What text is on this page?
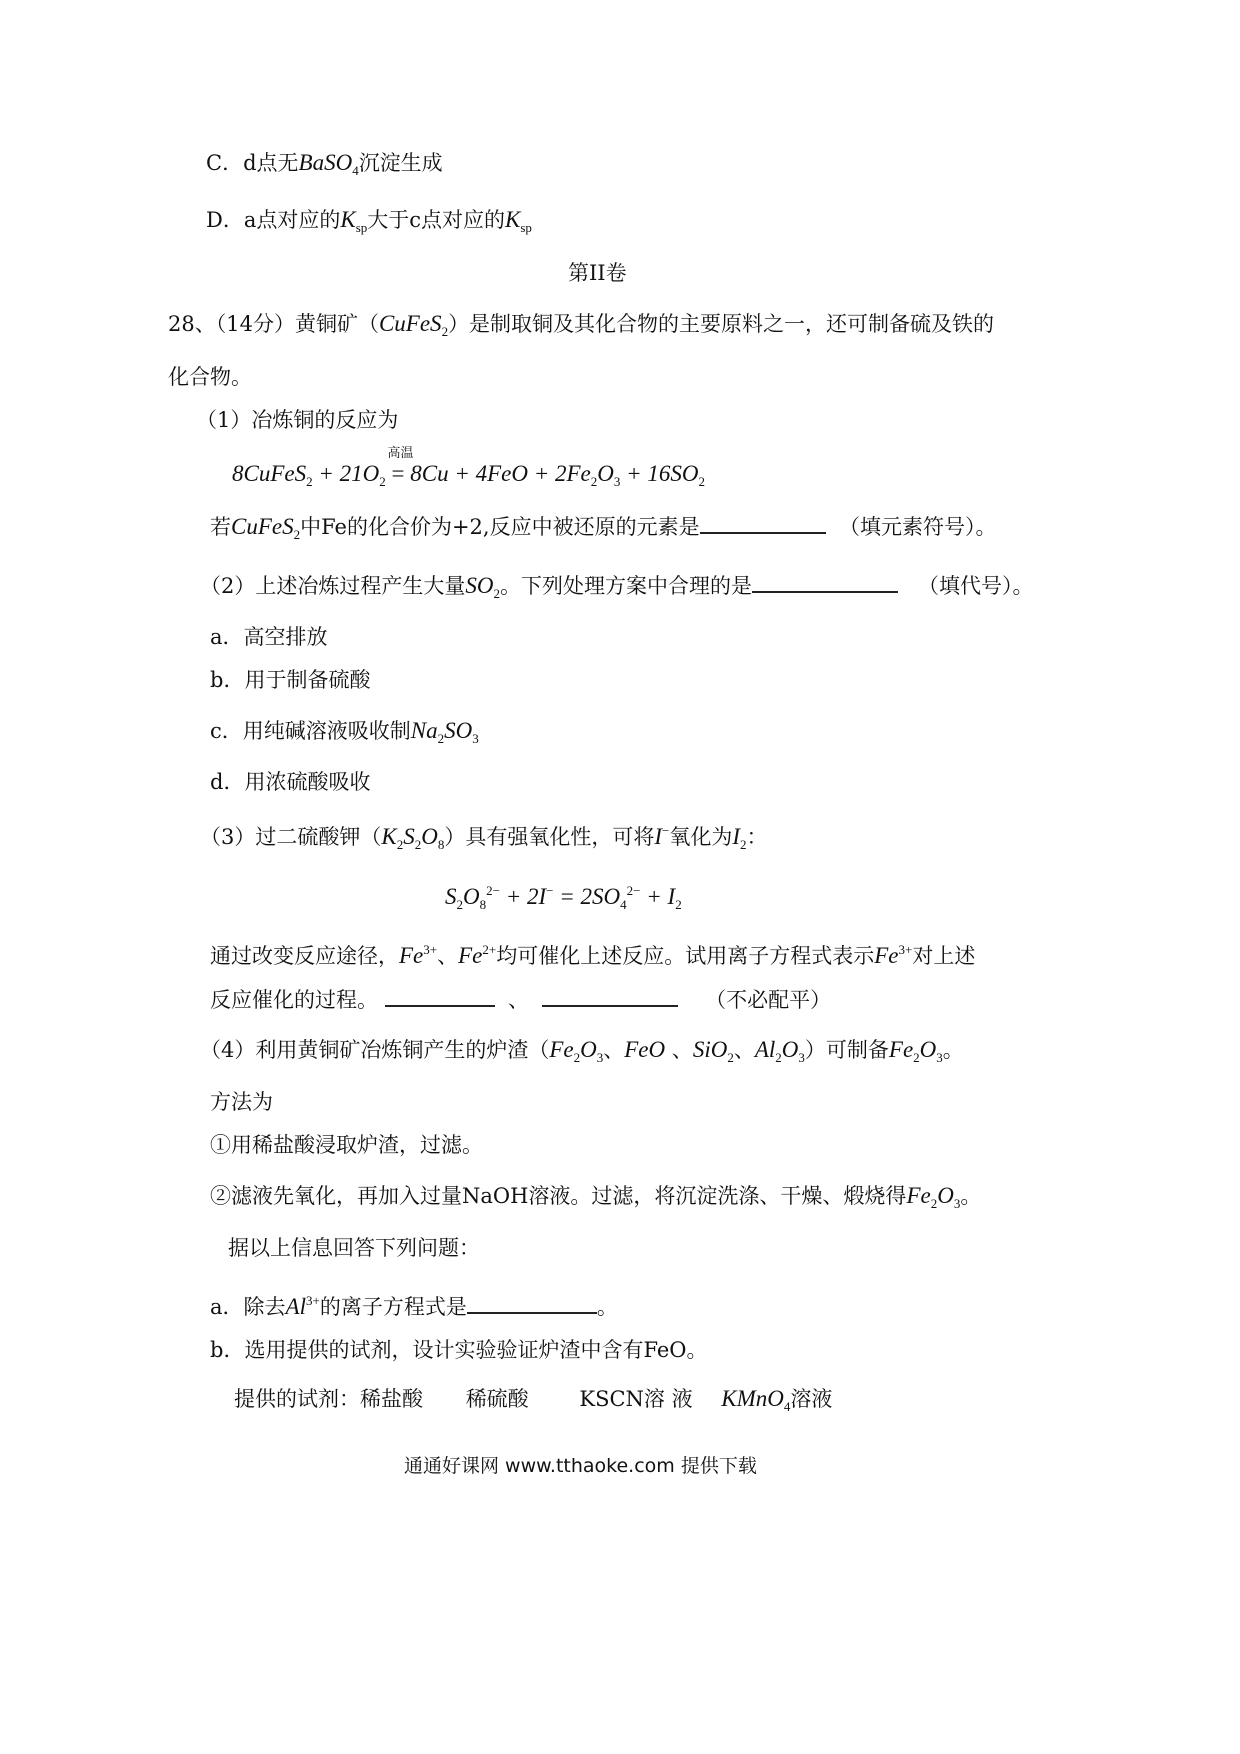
C．d点无BaSO$_4$沉淀生成
D．a点对应的$K_{sp}$大于c点对应的$K_{sp}$
第II卷
28、（14分）黄铜矿（CuFeS$_2$）是制取铜及其化合物的主要原料之一，还可制备硫及铁的
化合物。
（1）冶炼铜的反应为
8CuFeS$_2$ + $21O_2$
高温
= $8Cu + 4FeO + 2Fe_2O_3 + 16SO_2$
若CuFeS$_2$中Fe的化合价为+2,反应中被还原的元素是	（填元素符号）。
（2）上述冶炼过程产生大量$SO_2$。下列处理方案中合理的是	（填代号）。
a．高空排放
b．用于制备硫酸
c．用纯碱溶液吸收制$Na_2SO_3$
d．用浓硫酸吸收
（3）过二硫酸钾$(K_2S_2O_8)$具有强氧化性，可将I−氧化为$I_2$：
$S_2O_8^{2-} + 2I^- = 2SO_4^{2-} + I_2$
通过改变反应途径，$Fe^{3+}$、$Fe^{2+}$均可催化上述反应。试用离子方程式表示$Fe^{3+}$对上述
反应催化的过程。	、	（不必配平）
（4）利用黄铜矿冶炼铜产生的炉渣（$Fe_2O_3$、FeO 、SiO$_2$、$Al_2O_3$）可制备$Fe_2O_3$。
方法为
①用稀盐酸浸取炉渣，过滤。
②滤液先氧化，再加入过量NaOH溶液。过滤，将沉淀洗涤、干燥、煅烧得$Fe_2O_3$。
据以上信息回答下列问题：
a．除去$Al^{3+}$的离子方程式是	。
b．选用提供的试剂，设计实验验证炉渣中含有FeO。
提供的试剂：稀盐酸 稀硫酸 KSCN溶 液 KMnO$_4$溶液
通通好课网 www.tthaoke.com 提供下载
